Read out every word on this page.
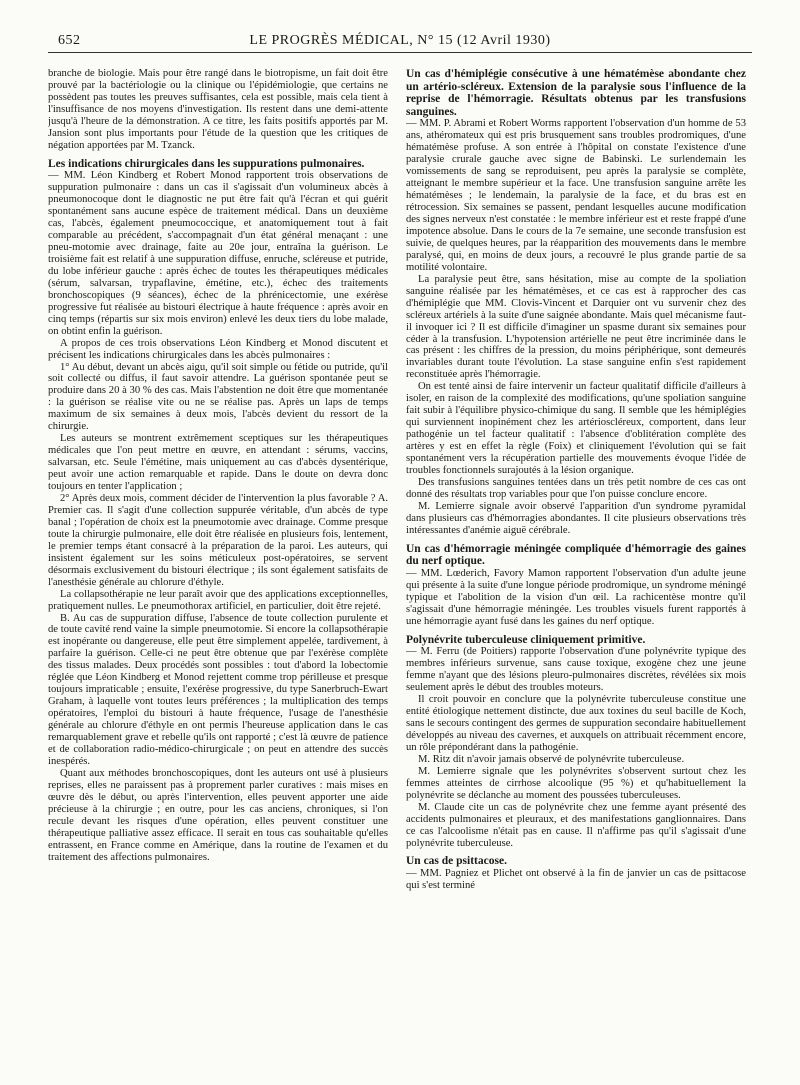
652	LE PROGRÈS MÉDICAL, N° 15 (12 Avril 1930)

branche de biologie. Mais pour être rangé dans le biotropisme, un fait doit être prouvé par la bactériologie ou la clinique ou l'épidémiologie, que certains ne possèdent pas toutes les preuves suffisantes, cela est possible, mais cela tient à l'insuffisance de nos moyens d'investigation. Ils restent dans une demi-attente jusqu'à l'heure de la démonstration. A ce titre, les faits positifs apportés par M. Jansion sont plus importants pour l'étude de la question que les critiques de négation apportées par M. Tzanck.

Les indications chirurgicales dans les suppurations pulmonaires.

— MM. Léon Kindberg et Robert Monod rapportent trois observations de suppuration pulmonaire : dans un cas il s'agissait d'un volumineux abcès à pneumonocoque dont le diagnostic ne put être fait qu'à l'écran et qui guérit spontanément sans aucune espèce de traitement médical. Dans un deuxième cas, l'abcès, également pneumococcique, et anatomiquement tout à fait comparable au précédent, s'accompagnait d'un état général menaçant : une pneu-motomie avec drainage, faite au 20e jour, entraîna la guérison. Le troisième fait est relatif à une suppuration diffuse, enruche, scléreuse et putride, du lobe inférieur gauche : après échec de toutes les thérapeutiques médicales (sérum, salvarsan, trypaflavine, émétine, etc.), échec des traitements bronchoscopiques (9 séances), échec de la phrénicectomie, une exérèse progressive fut réalisée au bistouri électrique à haute fréquence : après avoir en cinq temps (répartis sur six mois environ) enlevé les deux tiers du lobe malade, on obtint enfin la guérison.

A propos de ces trois observations Léon Kindberg et Monod discutent et précisent les indications chirurgicales dans les abcès pulmonaires :

1° Au début, devant un abcès aigu, qu'il soit simple ou fétide ou putride, qu'il soit collecté ou diffus, il faut savoir attendre. La guérison spontanée peut se produire dans 20 à 30 % des cas. Mais l'abstention ne doit être que momentanée : la guérison se réalise vite ou ne se réalise pas. Après un laps de temps maximum de six semaines à deux mois, l'abcès devient du ressort de la chirurgie.

Les auteurs se montrent extrêmement sceptiques sur les thérapeutiques médicales que l'on peut mettre en œuvre, en attendant : sérums, vaccins, salvarsan, etc. Seule l'émétine, mais uniquement au cas d'abcès dysentérique, peut avoir une action remarquable et rapide. Dans le doute on devra donc toujours en tenter l'application ;

2° Après deux mois, comment décider de l'intervention la plus favorable ? A. Premier cas. Il s'agit d'une collection suppurée véritable, d'un abcès de type banal ; l'opération de choix est la pneumotomie avec drainage. Comme presque toute la chirurgie pulmonaire, elle doit être réalisée en plusieurs fois, lentement, le premier temps étant consacré à la préparation de la paroi. Les auteurs, qui insistent également sur les soins méticuleux post-opératoires, se servent désormais exclusivement du bistouri électrique ; ils sont également satisfaits de l'anesthésie générale au chlorure d'éthyle.

La collapsothérapie ne leur paraît avoir que des applications exceptionnelles, pratiquement nulles. Le pneumothorax artificiel, en particulier, doit être rejeté.

B. Au cas de suppuration diffuse, l'absence de toute collection purulente et de toute cavité rend vaine la simple pneumotomie. Si encore la collapsothérapie est inopérante ou dangereuse, elle peut être simplement appelée, tardivement, à parfaire la guérison. Celle-ci ne peut être obtenue que par l'exérèse complète des tissus malades. Deux procédés sont possibles : tout d'abord la lobectomie réglée que Léon Kindberg et Monod rejettent comme trop périlleuse et presque toujours impraticable ; ensuite, l'exérèse progressive, du type Sanerbruch-Ewart Graham, à laquelle vont toutes leurs préférences ; la multiplication des temps opératoires, l'emploi du bistouri à haute fréquence, l'usage de l'anesthésie générale au chlorure d'éthyle en ont permis l'heureuse application dans le cas remarquablement grave et rebelle qu'ils ont rapporté ; c'est là œuvre de patience et de collaboration radio-médico-chirurgicale ; on peut en attendre des succès inespérés.

Quant aux méthodes bronchoscopiques, dont les auteurs ont usé à plusieurs reprises, elles ne paraissent pas à proprement parler curatives : mais mises en œuvre dès le début, ou après l'intervention, elles peuvent apporter une aide précieuse à la chirurgie ; en outre, pour les cas anciens, chroniques, si l'on recule devant les risques d'une opération, elles peuvent constituer une thérapeutique palliative assez efficace. Il serait en tous cas souhaitable qu'elles entrassent, en France comme en Amérique, dans la routine de l'examen et du traitement des affections pulmonaires.

Un cas d'hémiplégie consécutive à une hématémèse abondante chez un artério-scléreux. Extension de la paralysie sous l'influence de la reprise de l'hémorragie. Résultats obtenus par les transfusions sanguines.

— MM. P. Abrami et Robert Worms rapportent l'observation d'un homme de 53 ans, athéromateux qui est pris brusquement sans troubles prodromiques, d'une hématémèse profuse. A son entrée à l'hôpital on constate l'existence d'une paralysie crurale gauche avec signe de Babinski. Le surlendemain les vomissements de sang se reproduisent, peu après la paralysie se complète, atteignant le membre supérieur et la face. Une transfusion sanguine arrête les hématémèses ; le lendemain, la paralysie de la face, et du bras est en rétrocession. Six semaines se passent, pendant lesquelles aucune modification des signes nerveux n'est constatée : le membre inférieur est et reste frappé d'une impotence absolue. Dans le cours de la 7e semaine, une seconde transfusion est suivie, de quelques heures, par la réapparition des mouvements dans le membre paralysé, qui, en moins de deux jours, a recouvré le plus grande partie de sa motilité volontaire.

La paralysie peut être, sans hésitation, mise au compte de la spoliation sanguine réalisée par les hématémèses, et ce cas est à rapprocher des cas d'hémiplégie que MM. Clovis-Vincent et Darquier ont vu survenir chez des scléreux artériels à la suite d'une saignée abondante. Mais quel mécanisme faut-il invoquer ici ? Il est difficile d'imaginer un spasme durant six semaines pour céder à la transfusion. L'hypotension artérielle ne peut être incriminée dans le cas présent : les chiffres de la pression, du moins périphérique, sont demeurés invariables durant toute l'évolution. La stase sanguine enfin s'est rapidement reconstituée après l'hémorragie.

On est tenté ainsi de faire intervenir un facteur qualitatif difficile d'ailleurs à isoler, en raison de la complexité des modifications, qu'une spoliation sanguine fait subir à l'équilibre physico-chimique du sang. Il semble que les hémiplégies qui surviennent inopinément chez les artérioscléreux, comportent, dans leur pathogénie un tel facteur qualitatif : l'absence d'oblitération complète des artères y est en effet la règle (Foix) et cliniquement l'évolution qui se fait spontanément vers la récupération partielle des mouvements évoque l'idée de troubles fonctionnels surajoutés à la lésion organique.

Des transfusions sanguines tentées dans un très petit nombre de ces cas ont donné des résultats trop variables pour que l'on puisse conclure encore.

M. Lemierre signale avoir observé l'apparition d'un syndrome pyramidal dans plusieurs cas d'hémorragies abondantes. Il cite plusieurs observations très intéressantes d'anémie aiguë cérébrale.

Un cas d'hémorragie méningée compliquée d'hémorragie des gaines du nerf optique.

— MM. Lœderich, Favory Mamon rapportent l'observation d'un adulte jeune qui présente à la suite d'une longue période prodromique, un syndrome méningé typique et l'abolition de la vision d'un œil. La rachicentèse montre qu'il s'agissait d'une hémorragie méningée. Les troubles visuels furent rapportés à une hémorragie ayant fusé dans les gaines du nerf optique.

Polynévrite tuberculeuse cliniquement primitive.

— M. Ferru (de Poitiers) rapporte l'observation d'une polynévrite typique des membres inférieurs survenue, sans cause toxique, exogène chez une jeune femme n'ayant que des lésions pleuro-pulmonaires discrètes, révélées six mois seulement après le début des troubles moteurs.

Il croit pouvoir en conclure que la polynévrite tuberculeuse constitue une entité étiologique nettement distincte, due aux toxines du seul bacille de Koch, sans le secours contingent des germes de suppuration secondaire habituellement développés au niveau des cavernes, et auxquels on attribuait récemment encore, un rôle prépondérant dans la pathogénie.

M. Ritz dit n'avoir jamais observé de polynévrite tuberculeuse.

M. Lemierre signale que les polynévrites s'observent surtout chez les femmes atteintes de cirrhose alcoolique (95 %) et qu'habituellement la polynévrite se déclanche au moment des poussées tuberculeuses.

M. Claude cite un cas de polynévrite chez une femme ayant présenté des accidents pulmonaires et pleuraux, et des manifestations ganglionnaires. Dans ce cas l'alcoolisme n'était pas en cause. Il n'affirme pas qu'il s'agissait d'une polynévrite tuberculeuse.

Un cas de psittacose.

— MM. Pagniez et Plichet ont observé à la fin de janvier un cas de psittacose qui s'est terminé
